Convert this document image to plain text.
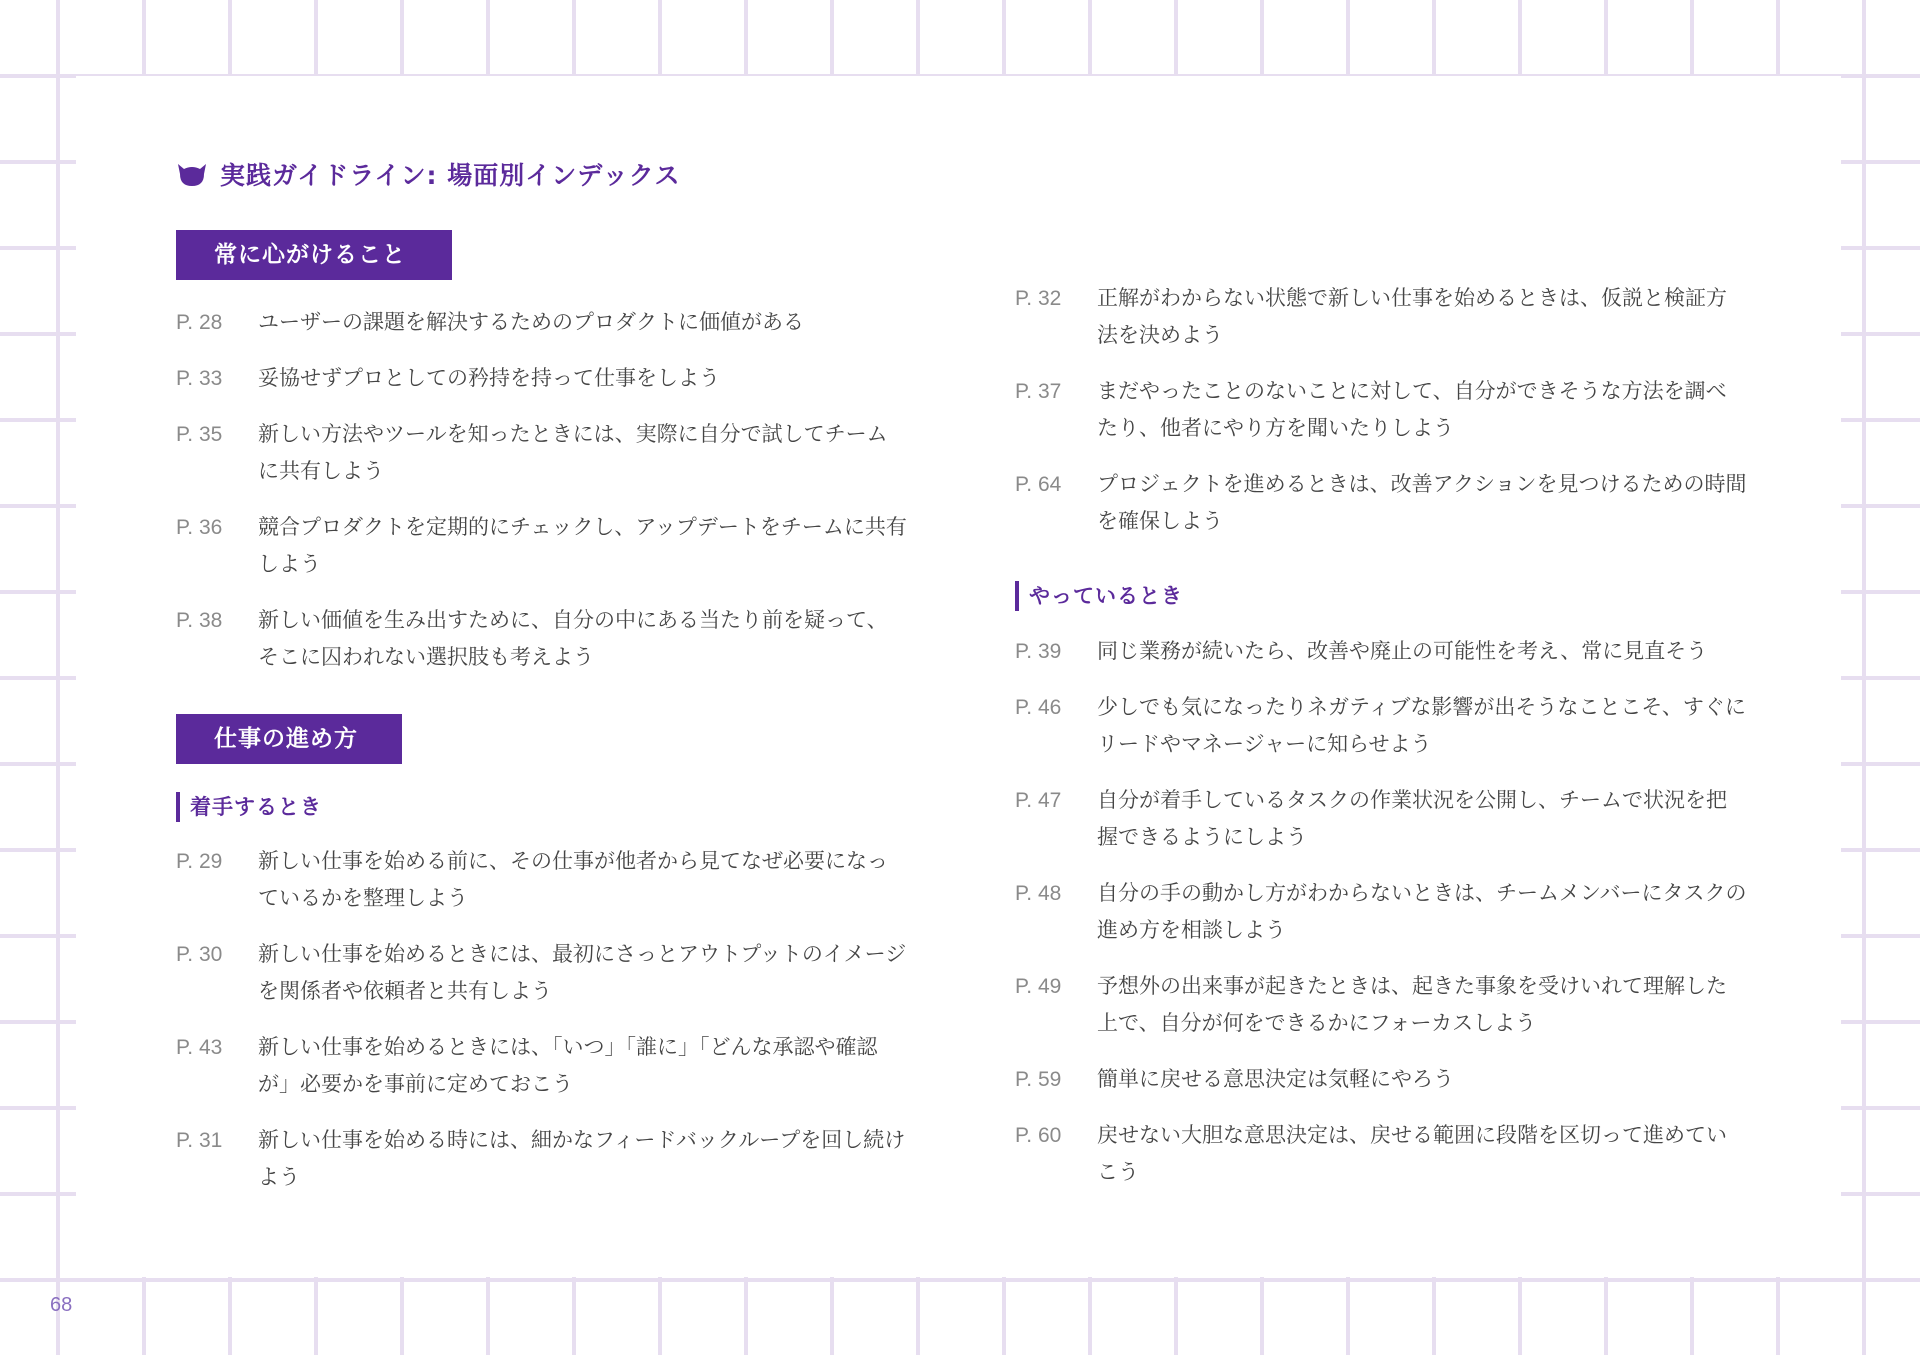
実践ガイドライン: 場面別インデックス
常に心がけること
P. 28	ユーザーの課題を解決するためのプロダクトに価値がある
P. 33	妥協せずプロとしての矜持を持って仕事をしよう
P. 35	新しい方法やツールを知ったときには、実際に自分で試してチームに共有しよう
P. 36	競合プロダクトを定期的にチェックし、アップデートをチームに共有しよう
P. 38	新しい価値を生み出すために、自分の中にある当たり前を疑って、そこに囚われない選択肢も考えよう
仕事の進め方
着手するとき
P. 29	新しい仕事を始める前に、その仕事が他者から見てなぜ必要になっているかを整理しよう
P. 30	新しい仕事を始めるときには、最初にさっとアウトプットのイメージを関係者や依頼者と共有しよう
P. 43	新しい仕事を始めるときには、「いつ」「誰に」「どんな承認や確認が」必要かを事前に定めておこう
P. 31	新しい仕事を始める時には、細かなフィードバックループを回し続けよう
P. 32	正解がわからない状態で新しい仕事を始めるときは、仮説と検証方法を決めよう
P. 37	まだやったことのないことに対して、自分ができそうな方法を調べたり、他者にやり方を聞いたりしよう
P. 64	プロジェクトを進めるときは、改善アクションを見つけるための時間を確保しよう
やっているとき
P. 39	同じ業務が続いたら、改善や廃止の可能性を考え、常に見直そう
P. 46	少しでも気になったりネガティブな影響が出そうなことこそ、すぐにリードやマネージャーに知らせよう
P. 47	自分が着手しているタスクの作業状況を公開し、チームで状況を把握できるようにしよう
P. 48	自分の手の動かし方がわからないときは、チームメンバーにタスクの進め方を相談しよう
P. 49	予想外の出来事が起きたときは、起きた事象を受けいれて理解した上で、自分が何をできるかにフォーカスしよう
P. 59	簡単に戻せる意思決定は気軽にやろう
P. 60	戻せない大胆な意思決定は、戻せる範囲に段階を区切って進めていこう
68
